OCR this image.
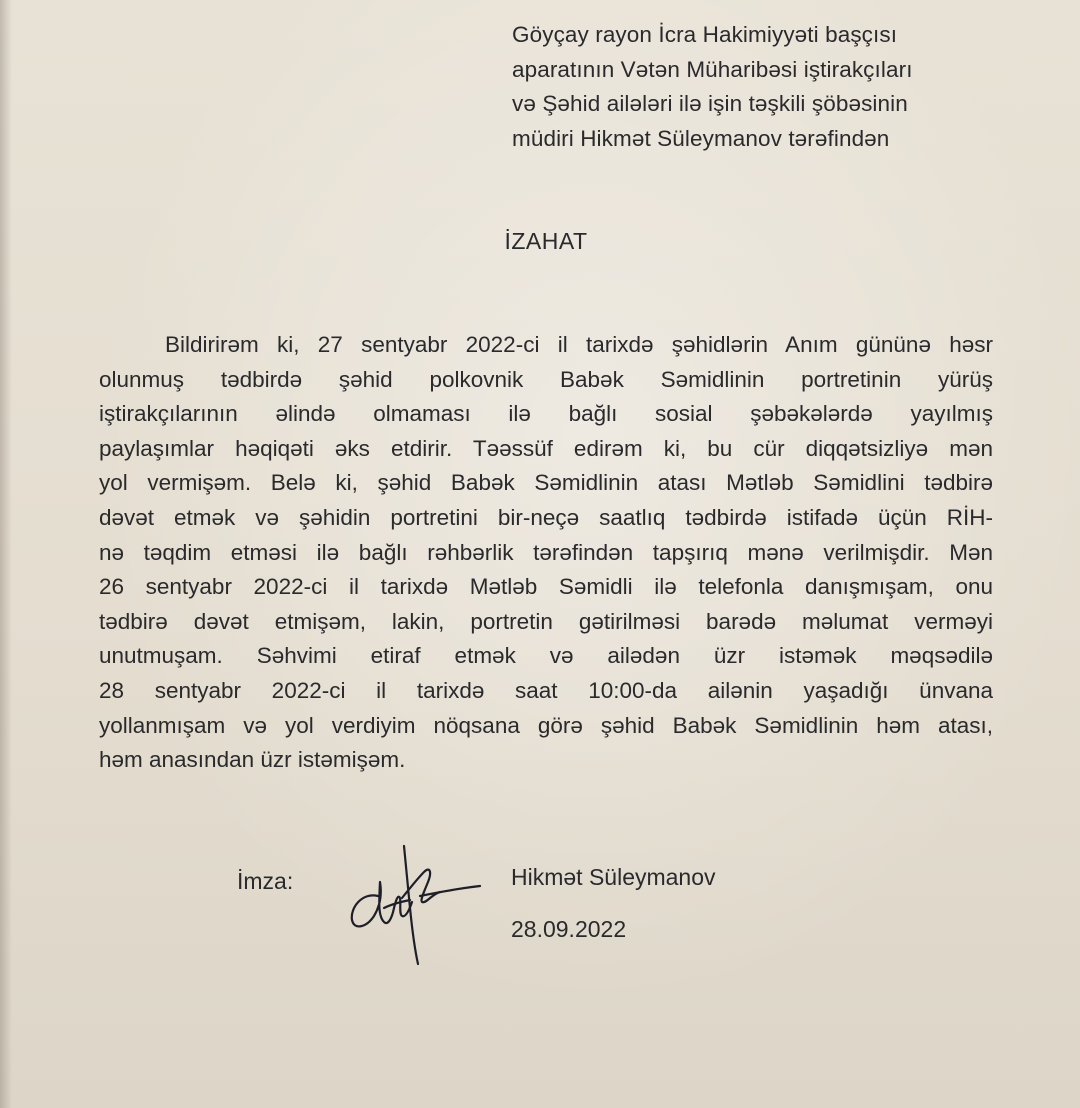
Göyçay rayon İcra Hakimiyyəti başçısı
aparatının Vətən Müharibəsi iştirakçıları
və Şəhid ailələri ilə işin təşkili şöbəsinin
müdiri Hikmət Süleymanov tərəfindən
İZAHAT
Bildirirəm ki, 27 sentyabr 2022-ci il tarixdə şəhidlərin Anım gününə həsr
olunmuş tədbirdə şəhid polkovnik Babək Səmidlinin portretinin yürüş
iştirakçılarının əlində olmaması ilə bağlı sosial şəbəkələrdə yayılmış
paylaşımlar həqiqəti əks etdirir. Təəssüf edirəm ki, bu cür diqqətsizliyə mən
yol vermişəm. Belə ki, şəhid Babək Səmidlinin atası Mətləb Səmidlini tədbirə
dəvət etmək və şəhidin portretini bir-neçə saatlıq tədbirdə istifadə üçün RİH-
nə təqdim etməsi ilə bağlı rəhbərlik tərəfindən tapşırıq mənə verilmişdir. Mən
26 sentyabr 2022-ci il tarixdə Mətləb Səmidli ilə telefonla danışmışam, onu
tədbirə dəvət etmişəm, lakin, portretin gətirilməsi barədə məlumat verməyi
unutmuşam. Səhvimi etiraf etmək və ailədən üzr istəmək məqsədilə
28 sentyabr 2022-ci il tarixdə saat 10:00-da ailənin yaşadığı ünvana
yollanmışam və yol verdiyim nöqsana görə şəhid Babək Səmidlinin həm atası,
həm anasından üzr istəmişəm.
İmza:	Hikmət Süleymanov
28.09.2022
